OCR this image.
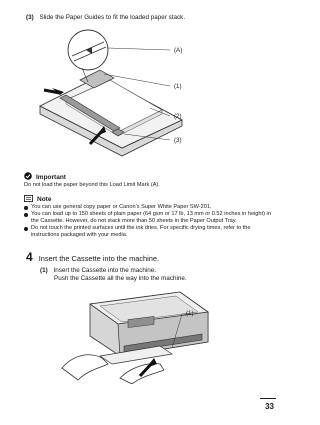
(3) Slide the Paper Guides to fit the loaded paper stack.
(A)
(1)
(2)
(3)
Important
Do not load the paper beyond this Load Limit Mark (A).
Note
You can use general copy paper or Canon’s Super White Paper SW-201.
You can load up to 150 sheets of plain paper (64 gsm or 17 lb, 13 mm or 0.52 inches in height) in the Cassette. However, do not stack more than 50 sheets in the Paper Output Tray.
Do not touch the printed surfaces until the ink dries. For specific drying times, refer to the instructions packaged with your media.
4 Insert the Cassette into the machine.
(1) Insert the Cassette into the machine.
Push the Cassette all the way into the machine.
(1)
33
